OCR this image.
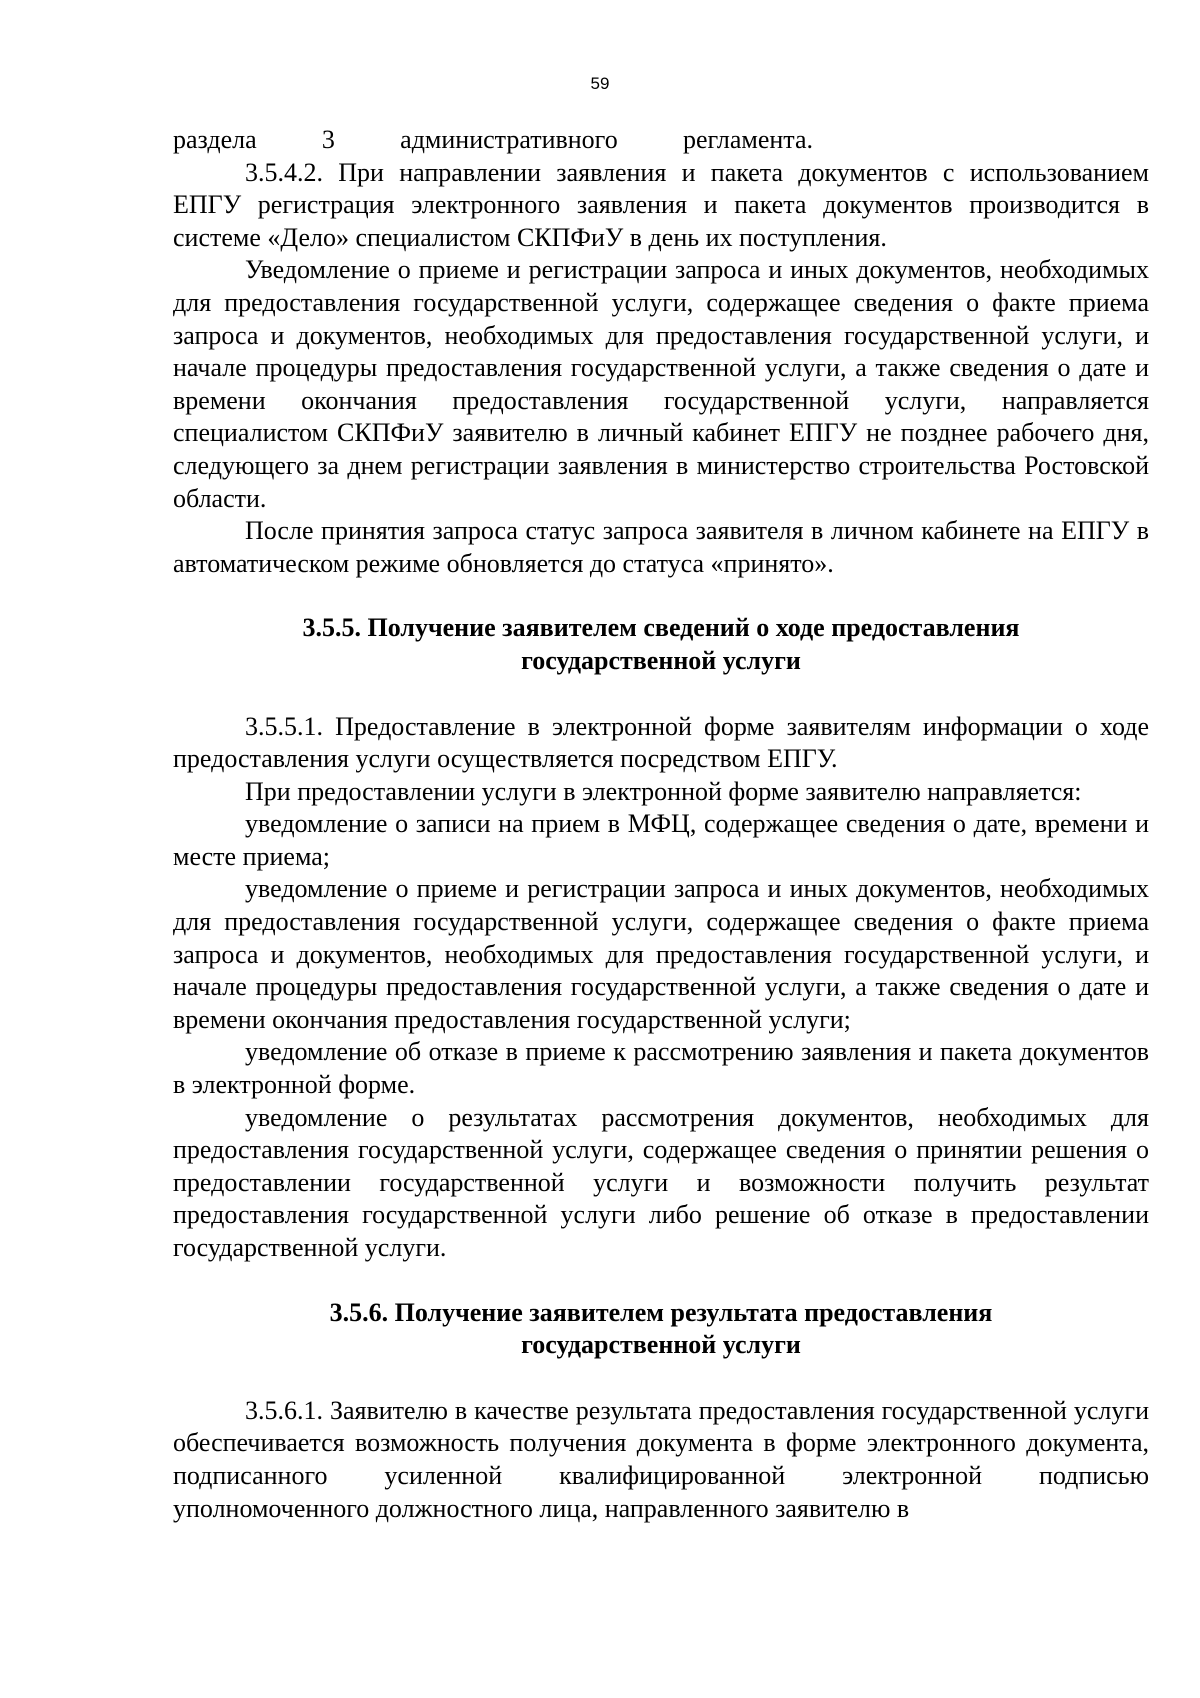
59

раздела	3	административного	регламента.

3.5.4.2. При направлении заявления и пакета документов с использованием ЕПГУ регистрация электронного заявления и пакета документов производится в системе «Дело» специалистом СКПФиУ в день их поступления.

Уведомление о приеме и регистрации запроса и иных документов, необходимых для предоставления государственной услуги, содержащее сведения о факте приема запроса и документов, необходимых для предоставления государственной услуги, и начале процедуры предоставления государственной услуги, а также сведения о дате и времени окончания предоставления государственной услуги, направляется специалистом СКПФиУ заявителю в личный кабинет ЕПГУ не позднее рабочего дня, следующего за днем регистрации заявления в министерство строительства Ростовской области.

После принятия запроса статус запроса заявителя в личном кабинете на ЕПГУ в автоматическом режиме обновляется до статуса «принято».

3.5.5. Получение заявителем сведений о ходе предоставления
государственной услуги

3.5.5.1. Предоставление в электронной форме заявителям информации о ходе предоставления услуги осуществляется посредством ЕПГУ.

При предоставлении услуги в электронной форме заявителю направляется:

уведомление о записи на прием в МФЦ, содержащее сведения о дате, времени и месте приема;

уведомление о приеме и регистрации запроса и иных документов, необходимых для предоставления государственной услуги, содержащее сведения о факте приема запроса и документов, необходимых для предоставления государственной услуги, и начале процедуры предоставления государственной услуги, а также сведения о дате и времени окончания предоставления государственной услуги;

уведомление об отказе в приеме к рассмотрению заявления и пакета документов в электронной форме.

уведомление о результатах рассмотрения документов, необходимых для предоставления государственной услуги, содержащее сведения о принятии решения о предоставлении государственной услуги и возможности получить результат предоставления государственной услуги либо решение об отказе в предоставлении государственной услуги.

3.5.6. Получение заявителем результата предоставления
государственной услуги

3.5.6.1. Заявителю в качестве результата предоставления государственной услуги обеспечивается возможность получения документа в форме электронного документа, подписанного усиленной квалифицированной электронной подписью уполномоченного должностного лица, направленного заявителю в
